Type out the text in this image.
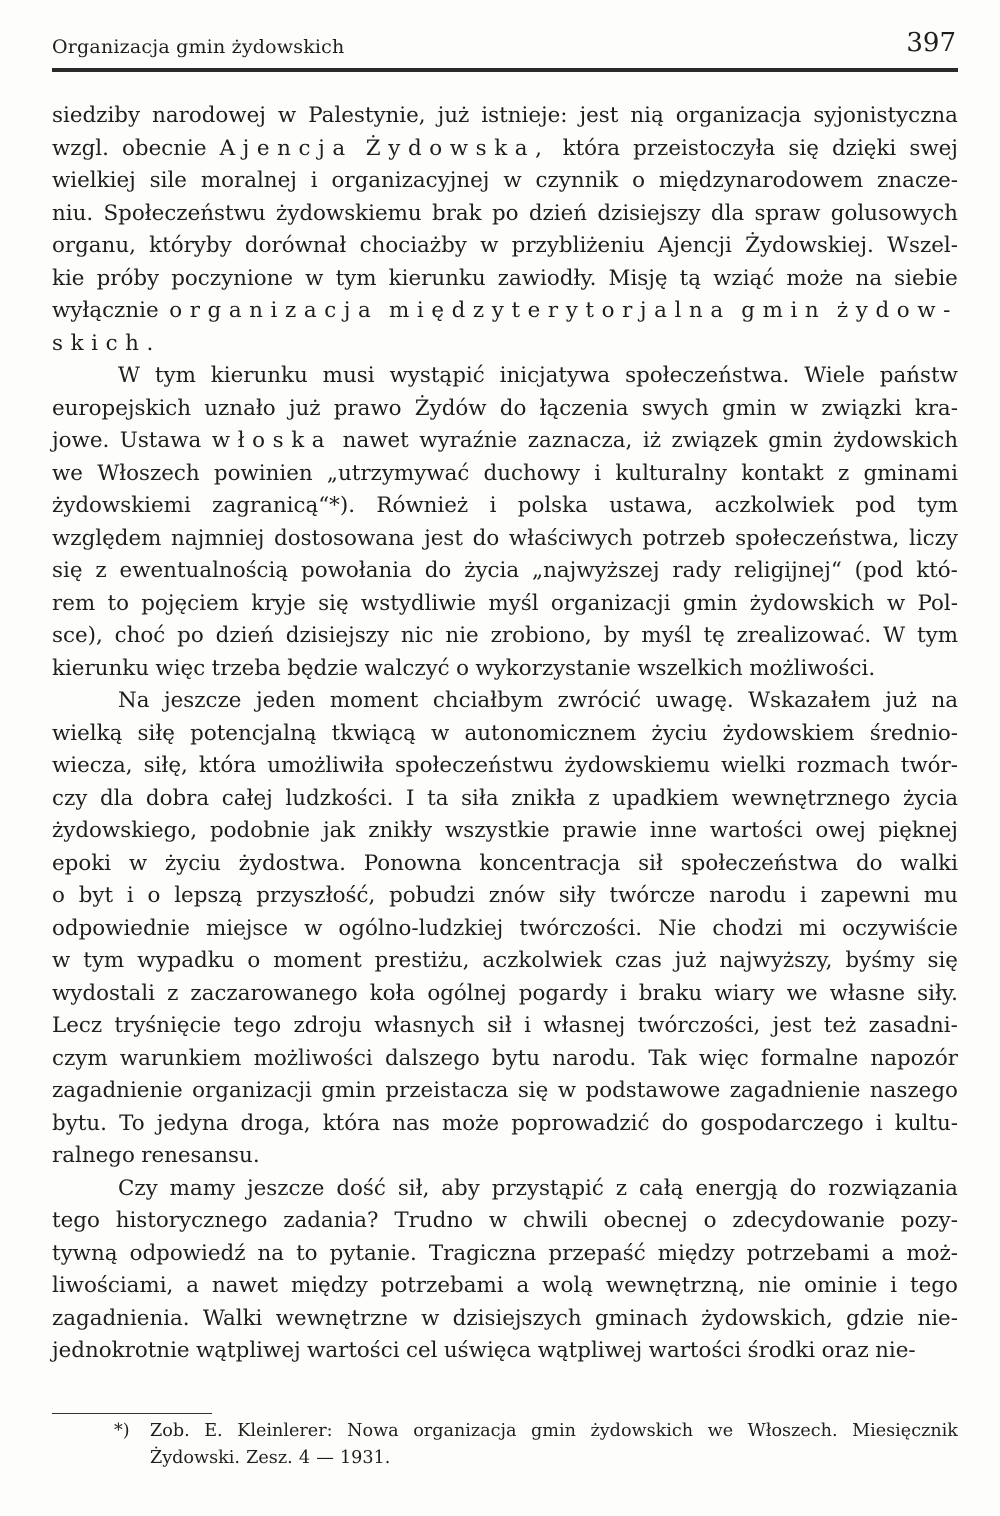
Organizacja gmin żydowskich	397
siedziby narodowej w Palestynie, już istnieje: jest nią organizacja syjonistyczna
wzgl. obecnie Ajencja Żydowska, która przeistoczyła się dzięki swej
wielkiej sile moralnej i organizacyjnej w czynnik o międzynarodowem znacze-
niu. Społeczeństwu żydowskiemu brak po dzień dzisiejszy dla spraw golusowych
organu, któryby dorównał chociażby w przybliżeniu Ajencji Żydowskiej. Wszel-
kie próby poczynione w tym kierunku zawiodły. Misję tą wziąć może na siebie
wyłącznie organizacja międzyterytorjalna gmin żydow-
skich.
W tym kierunku musi wystąpić inicjatywa społeczeństwa. Wiele państw
europejskich uznało już prawo Żydów do łączenia swych gmin w związki kra-
jowe. Ustawa włoska nawet wyraźnie zaznacza, iż związek gmin żydowskich
we Włoszech powinien „utrzymywać duchowy i kulturalny kontakt z gminami
żydowskiemi zagranicą“*). Również i polska ustawa, aczkolwiek pod tym
względem najmniej dostosowana jest do właściwych potrzeb społeczeństwa, liczy
się z ewentualnością powołania do życia „najwyższej rady religijnej“ (pod któ-
rem to pojęciem kryje się wstydliwie myśl organizacji gmin żydowskich w Pol-
sce), choć po dzień dzisiejszy nic nie zrobiono, by myśl tę zrealizować. W tym
kierunku więc trzeba będzie walczyć o wykorzystanie wszelkich możliwości.
Na jeszcze jeden moment chciałbym zwrócić uwagę. Wskazałem już na
wielką siłę potencjalną tkwiącą w autonomicznem życiu żydowskiem średnio-
wiecza, siłę, która umożliwiła społeczeństwu żydowskiemu wielki rozmach twór-
czy dla dobra całej ludzkości. I ta siła znikła z upadkiem wewnętrznego życia
żydowskiego, podobnie jak znikły wszystkie prawie inne wartości owej pięknej
epoki w życiu żydostwa. Ponowna koncentracja sił społeczeństwa do walki
o byt i o lepszą przyszłość, pobudzi znów siły twórcze narodu i zapewni mu
odpowiednie miejsce w ogólno-ludzkiej twórczości. Nie chodzi mi oczywiście
w tym wypadku o moment prestiżu, aczkolwiek czas już najwyższy, byśmy się
wydostali z zaczarowanego koła ogólnej pogardy i braku wiary we własne siły.
Lecz tryśnięcie tego zdroju własnych sił i własnej twórczości, jest też zasadni-
czym warunkiem możliwości dalszego bytu narodu. Tak więc formalne napozór
zagadnienie organizacji gmin przeistacza się w podstawowe zagadnienie naszego
bytu. To jedyna droga, która nas może poprowadzić do gospodarczego i kultu-
ralnego renesansu.
Czy mamy jeszcze dość sił, aby przystąpić z całą energją do rozwiązania
tego historycznego zadania? Trudno w chwili obecnej o zdecydowanie pozy-
tywną odpowiedź na to pytanie. Tragiczna przepaść między potrzebami a moż-
liwościami, a nawet między potrzebami a wolą wewnętrzną, nie ominie i tego
zagadnienia. Walki wewnętrzne w dzisiejszych gminach żydowskich, gdzie nie-
jednokrotnie wątpliwej wartości cel uświęca wątpliwej wartości środki oraz nie-
*) Zob. E. Kleinlerer: Nowa organizacja gmin żydowskich we Włoszech. Miesięcznik
Żydowski. Zesz. 4 — 1931.
